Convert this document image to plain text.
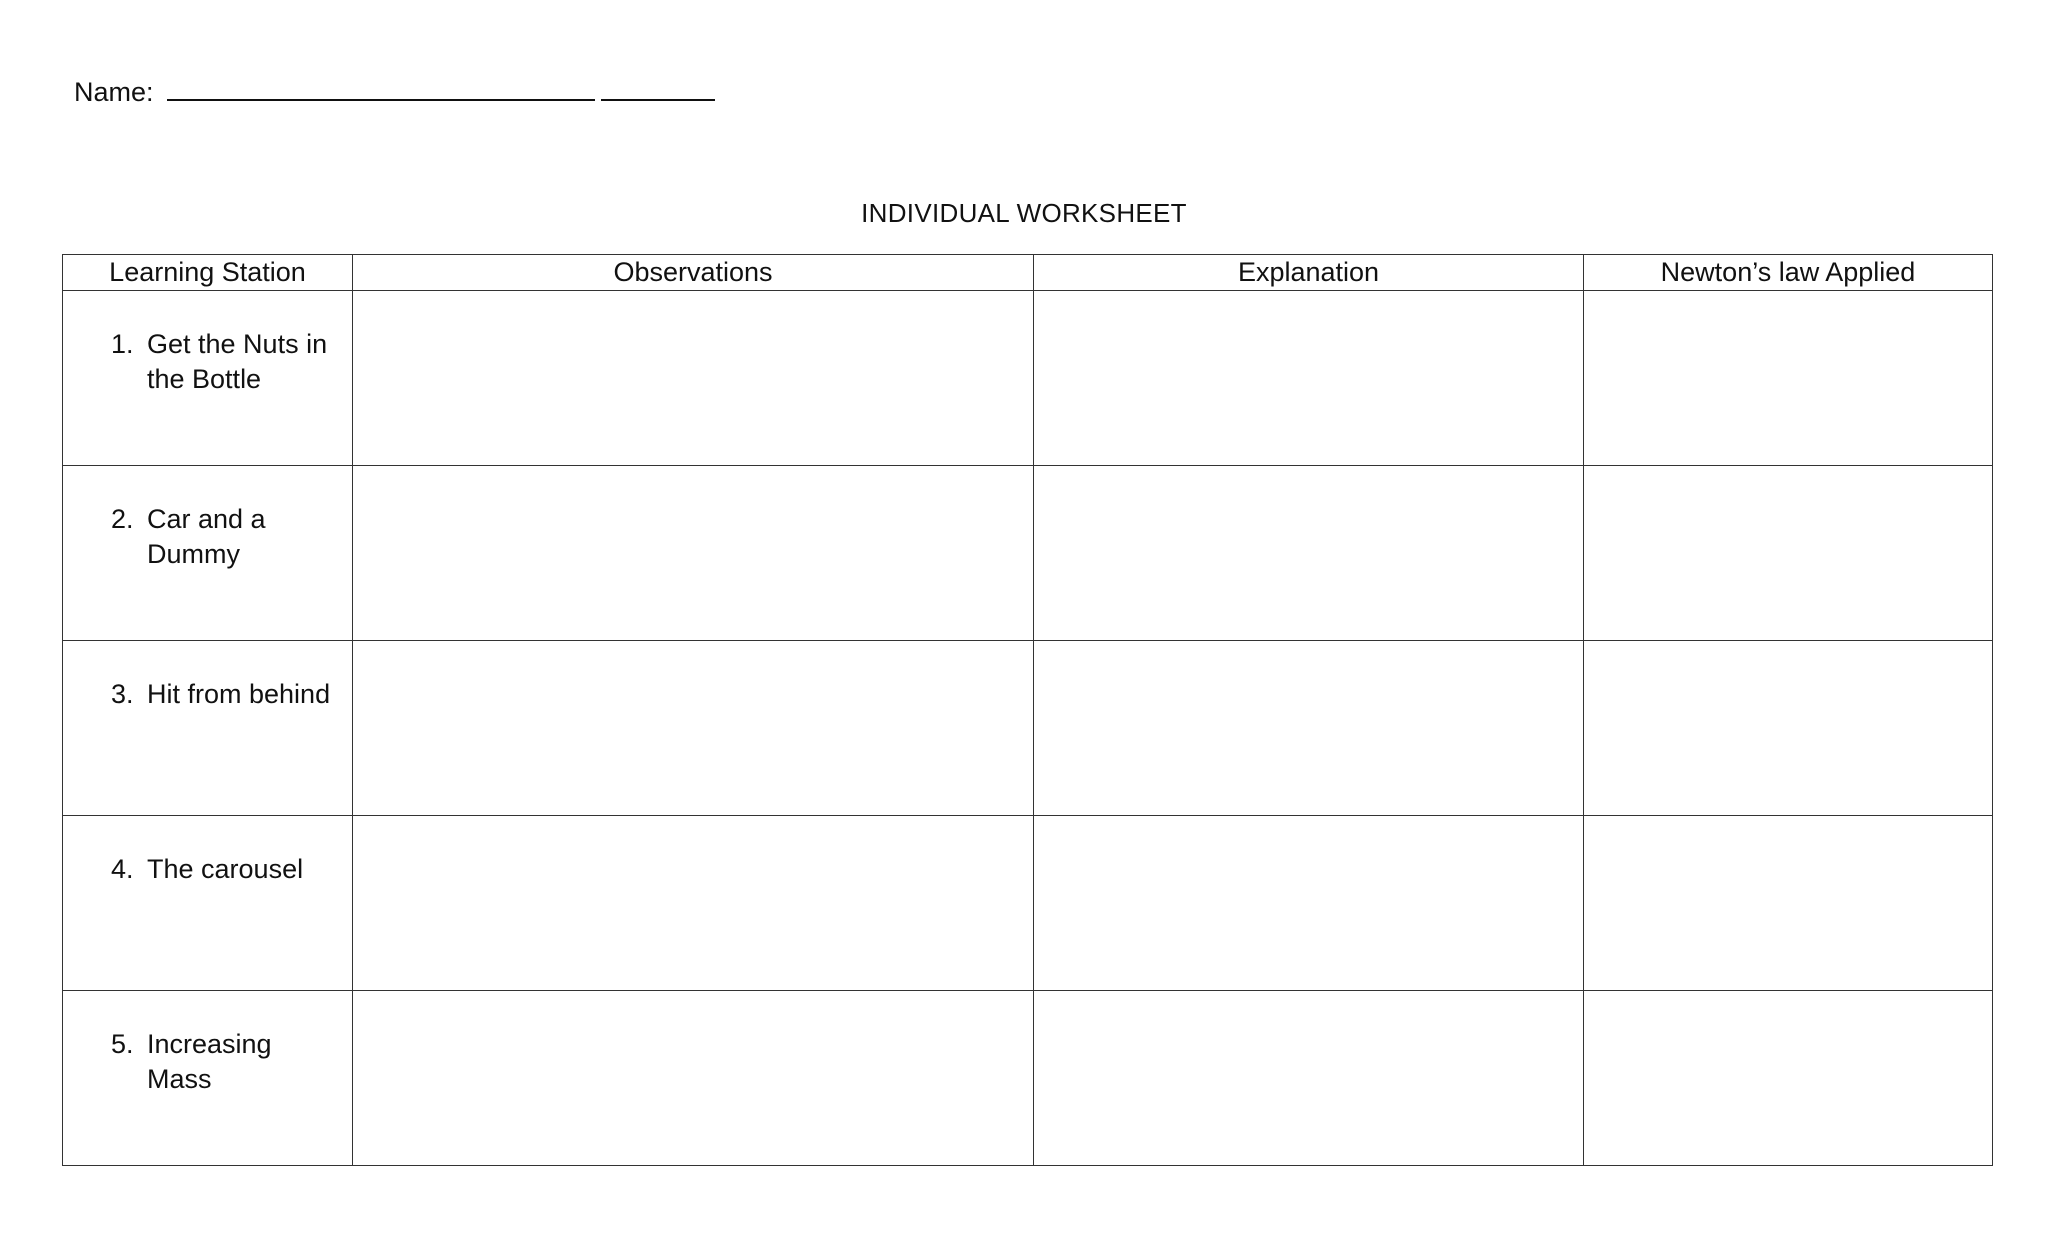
Name:
INDIVIDUAL WORKSHEET
Learning Station	Observations	Explanation	Newton’s law Applied

1. Get the Nuts in the Bottle			

2. Car and a Dummy			

3. Hit from behind			

4. The carousel			

5. Increasing Mass			
